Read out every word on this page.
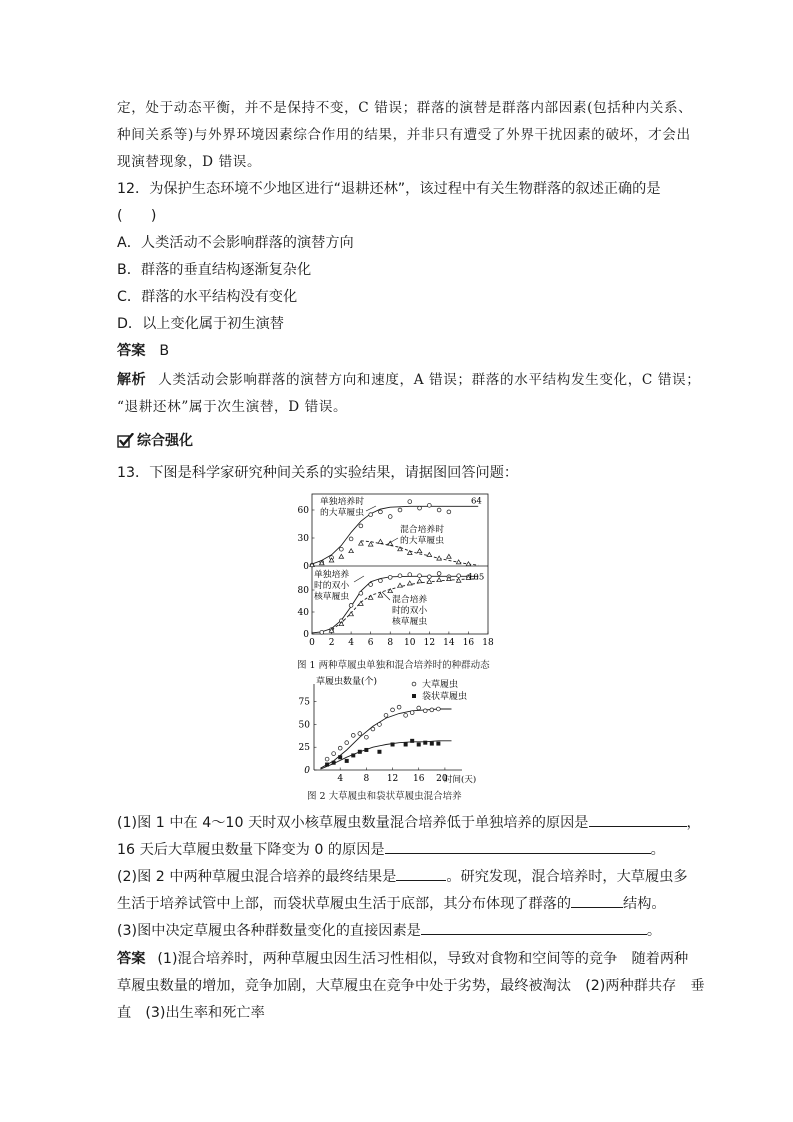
定，处于动态平衡，并不是保持不变，C 错误；群落的演替是群落内部因素(包括种内关系、
种间关系等)与外界环境因素综合作用的结果，并非只有遭受了外界干扰因素的破坏，才会出
现演替现象，D 错误。
12．为保护生态环境不少地区进行“退耕还林”，该过程中有关生物群落的叙述正确的是
(　　)
A．人类活动不会影响群落的演替方向
B．群落的垂直结构逐渐复杂化
C．群落的水平结构没有变化
D．以上变化属于初生演替
答案 B
解析 人类活动会影响群落的演替方向和速度，A 错误；群落的水平结构发生变化，C 错误；
“退耕还林”属于次生演替，D 错误。
综合强化
13．下图是科学家研究种间关系的实验结果，请据图回答问题：
0 2 4 6 8 10 12 14 16 18
0
30
60
0
40
80
64
105
单独培养时
的大草履虫
混合培养时
的大草履虫
单独培养
时的双小
核草履虫	混合培养
时的双小
核草履虫
图 1 两种草履虫单独和混合培养时的种群动态
草履虫数量(个)
时间(天)
4 8 12 16 20
0
25
50
75
大草履虫
袋状草履虫
图 2 大草履虫和袋状草履虫混合培养
(1)图 1 中在 4～10 天时双小核草履虫数量混合培养低于单独培养的原因是	，
16 天后大草履虫数量下降变为 0 的原因是	。
(2)图 2 中两种草履虫混合培养的最终结果是	。研究发现，混合培养时，大草履虫多
生活于培养试管中上部，而袋状草履虫生活于底部，其分布体现了群落的	结构。
(3)图中决定草履虫各种群数量变化的直接因素是	。
答案 (1)混合培养时，两种草履虫因生活习性相似，导致对食物和空间等的竞争　随着两种
草履虫数量的增加，竞争加剧，大草履虫在竞争中处于劣势，最终被淘汰　(2)两种群共存　垂
直　(3)出生率和死亡率
